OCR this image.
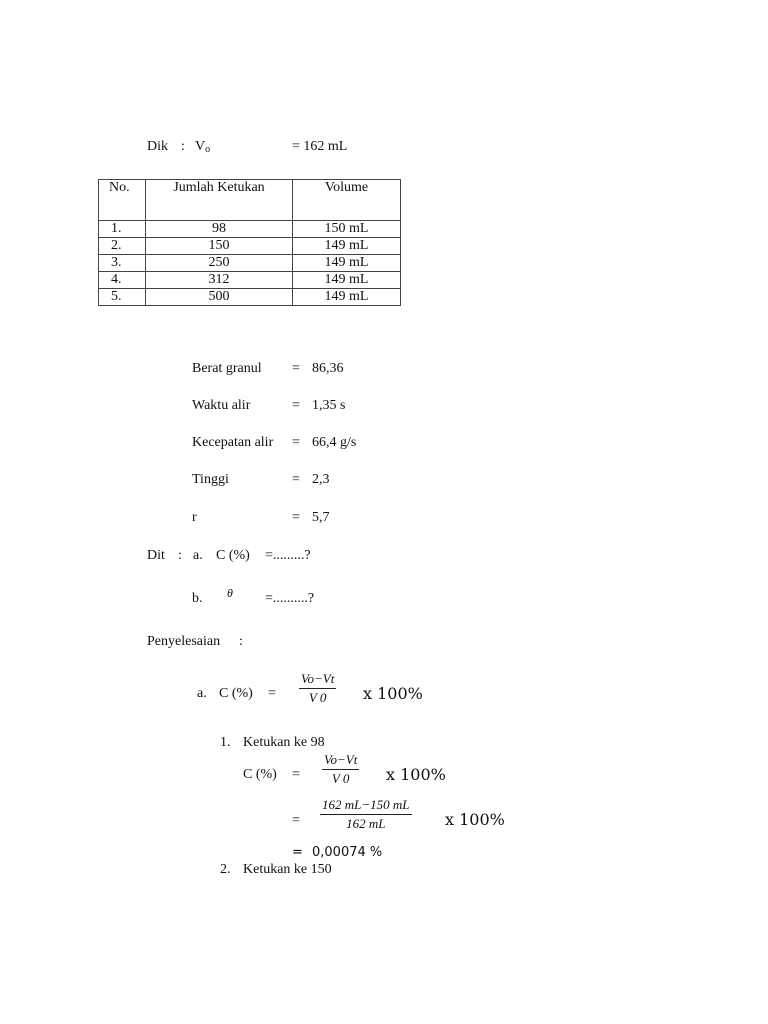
Dik : Vo	= 162 mL
No.	Jumlah Ketukan	Volume
1.	98	150 mL
2.	150	149 mL
3.	250	149 mL
4.	312	149 mL
5.	500	149 mL
Berat granul = 86,36
Waktu alir	= 1,35 s
Kecepatan alir = 66,4 g/s
Tinggi	= 2,3
r	= 5,7
Dit : a. C (%) =.........?
b. θ =..........?
Penyelesaian :
a. C (%) = $\frac{Vo-Vt}{V 0}$ x 100%
1. Ketukan ke 98
C (%) = $\frac{Vo-Vt}{V 0}$ x 100%
= $\frac{162 mL-150 mL}{162 mL}$ x 100%
= 0,00074 %
2. Ketukan ke 150
